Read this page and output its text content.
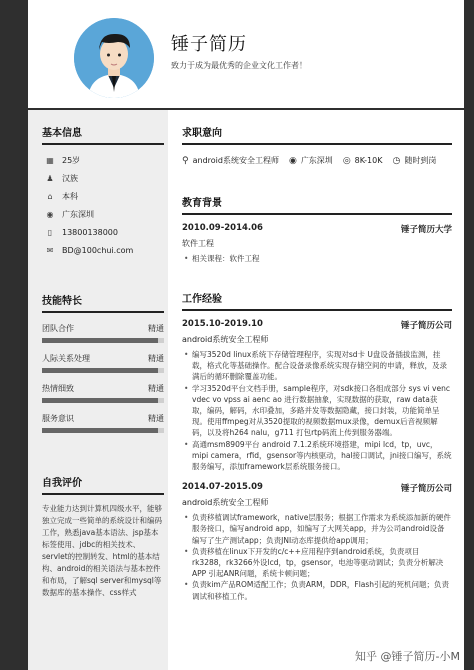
锤子简历
致力于成为最优秀的企业文化工作者！
基本信息
▦	25岁
♟	汉族
⌂	本科
◉	广东深圳
▯	13800138000
✉	BD@100chui.com
技能特长
团队合作	精通
人际关系处理	精通
热情细致	精通
服务意识	精通
自我评价
专业能力达到计算机四级水平，能够独立完成一些简单的系统设计和编码工作，熟悉java基本语法、jsp基本标签使用、jdbc的相关技术、servlet的控制转发、html的基本结构、android的相关语法与基本控件和布局，了解sql server和mysql等数据库的基本操作、css样式
求职意向
⚲ android系统安全工程师 ◉ 广东深圳 ◎ 8K-10K ◷ 随时到岗
教育背景
2010.09-2014.06	锤子简历大学
软件工程
• 相关课程：软件工程
工作经验
2015.10-2019.10	锤子简历公司
android系统安全工程师
• 编写3520d linux系统下存储管理程序，实现对sd卡 U盘设备插拔监测，挂载，格式化等基础操作。配合设备录像系统实现存储空间的申请，释放，及录满后的循环删除覆盖功能。
• 学习3520d平台文档手册，sample程序，对sdk接口各组成部分 sys vi venc vdec vo vpss ai aenc ao 进行数据抽象，实现数据的获取，raw data获取，编码，解码，水印叠加，多路并发等数据隐藏，接口封装，功能简单呈现。使用ffmpeg对从3520提取的视频数据mux录像，demux后音视频解码，以及将h264 nalu，g711 打包rtp码流上传到服务器端。
• 高通msm8909平台 android 7.1.2系统环境搭建，mipi lcd，tp，uvc，mipi camera，rfid，gsensor等内核驱动，hal接口调试，jni接口编写，系统服务编写，添加framework层系统服务接口。
2014.07-2015.09	锤子简历公司
android系统安全工程师
• 负责移植调试framework，native层服务；根据工作需求为系统添加新的硬件服务接口，编写android app，如编写了大网关app，并为公司android设备编写了生产测试app；负责JNI动态库提供给app调用；
• 负责移植在linux下开发的c/c++应用程序到android系统，负责项目rk3288，rk3266外设lcd，tp，gsensor，电池等驱动调试；负责分析解决APP 引起ANR问题，系统卡顿问题；
• 负责kim产品ROM适配工作；负责ARM，DDR，Flash引起的死机问题；负责调试和移植工作。
知乎 @锤子简历-小M
